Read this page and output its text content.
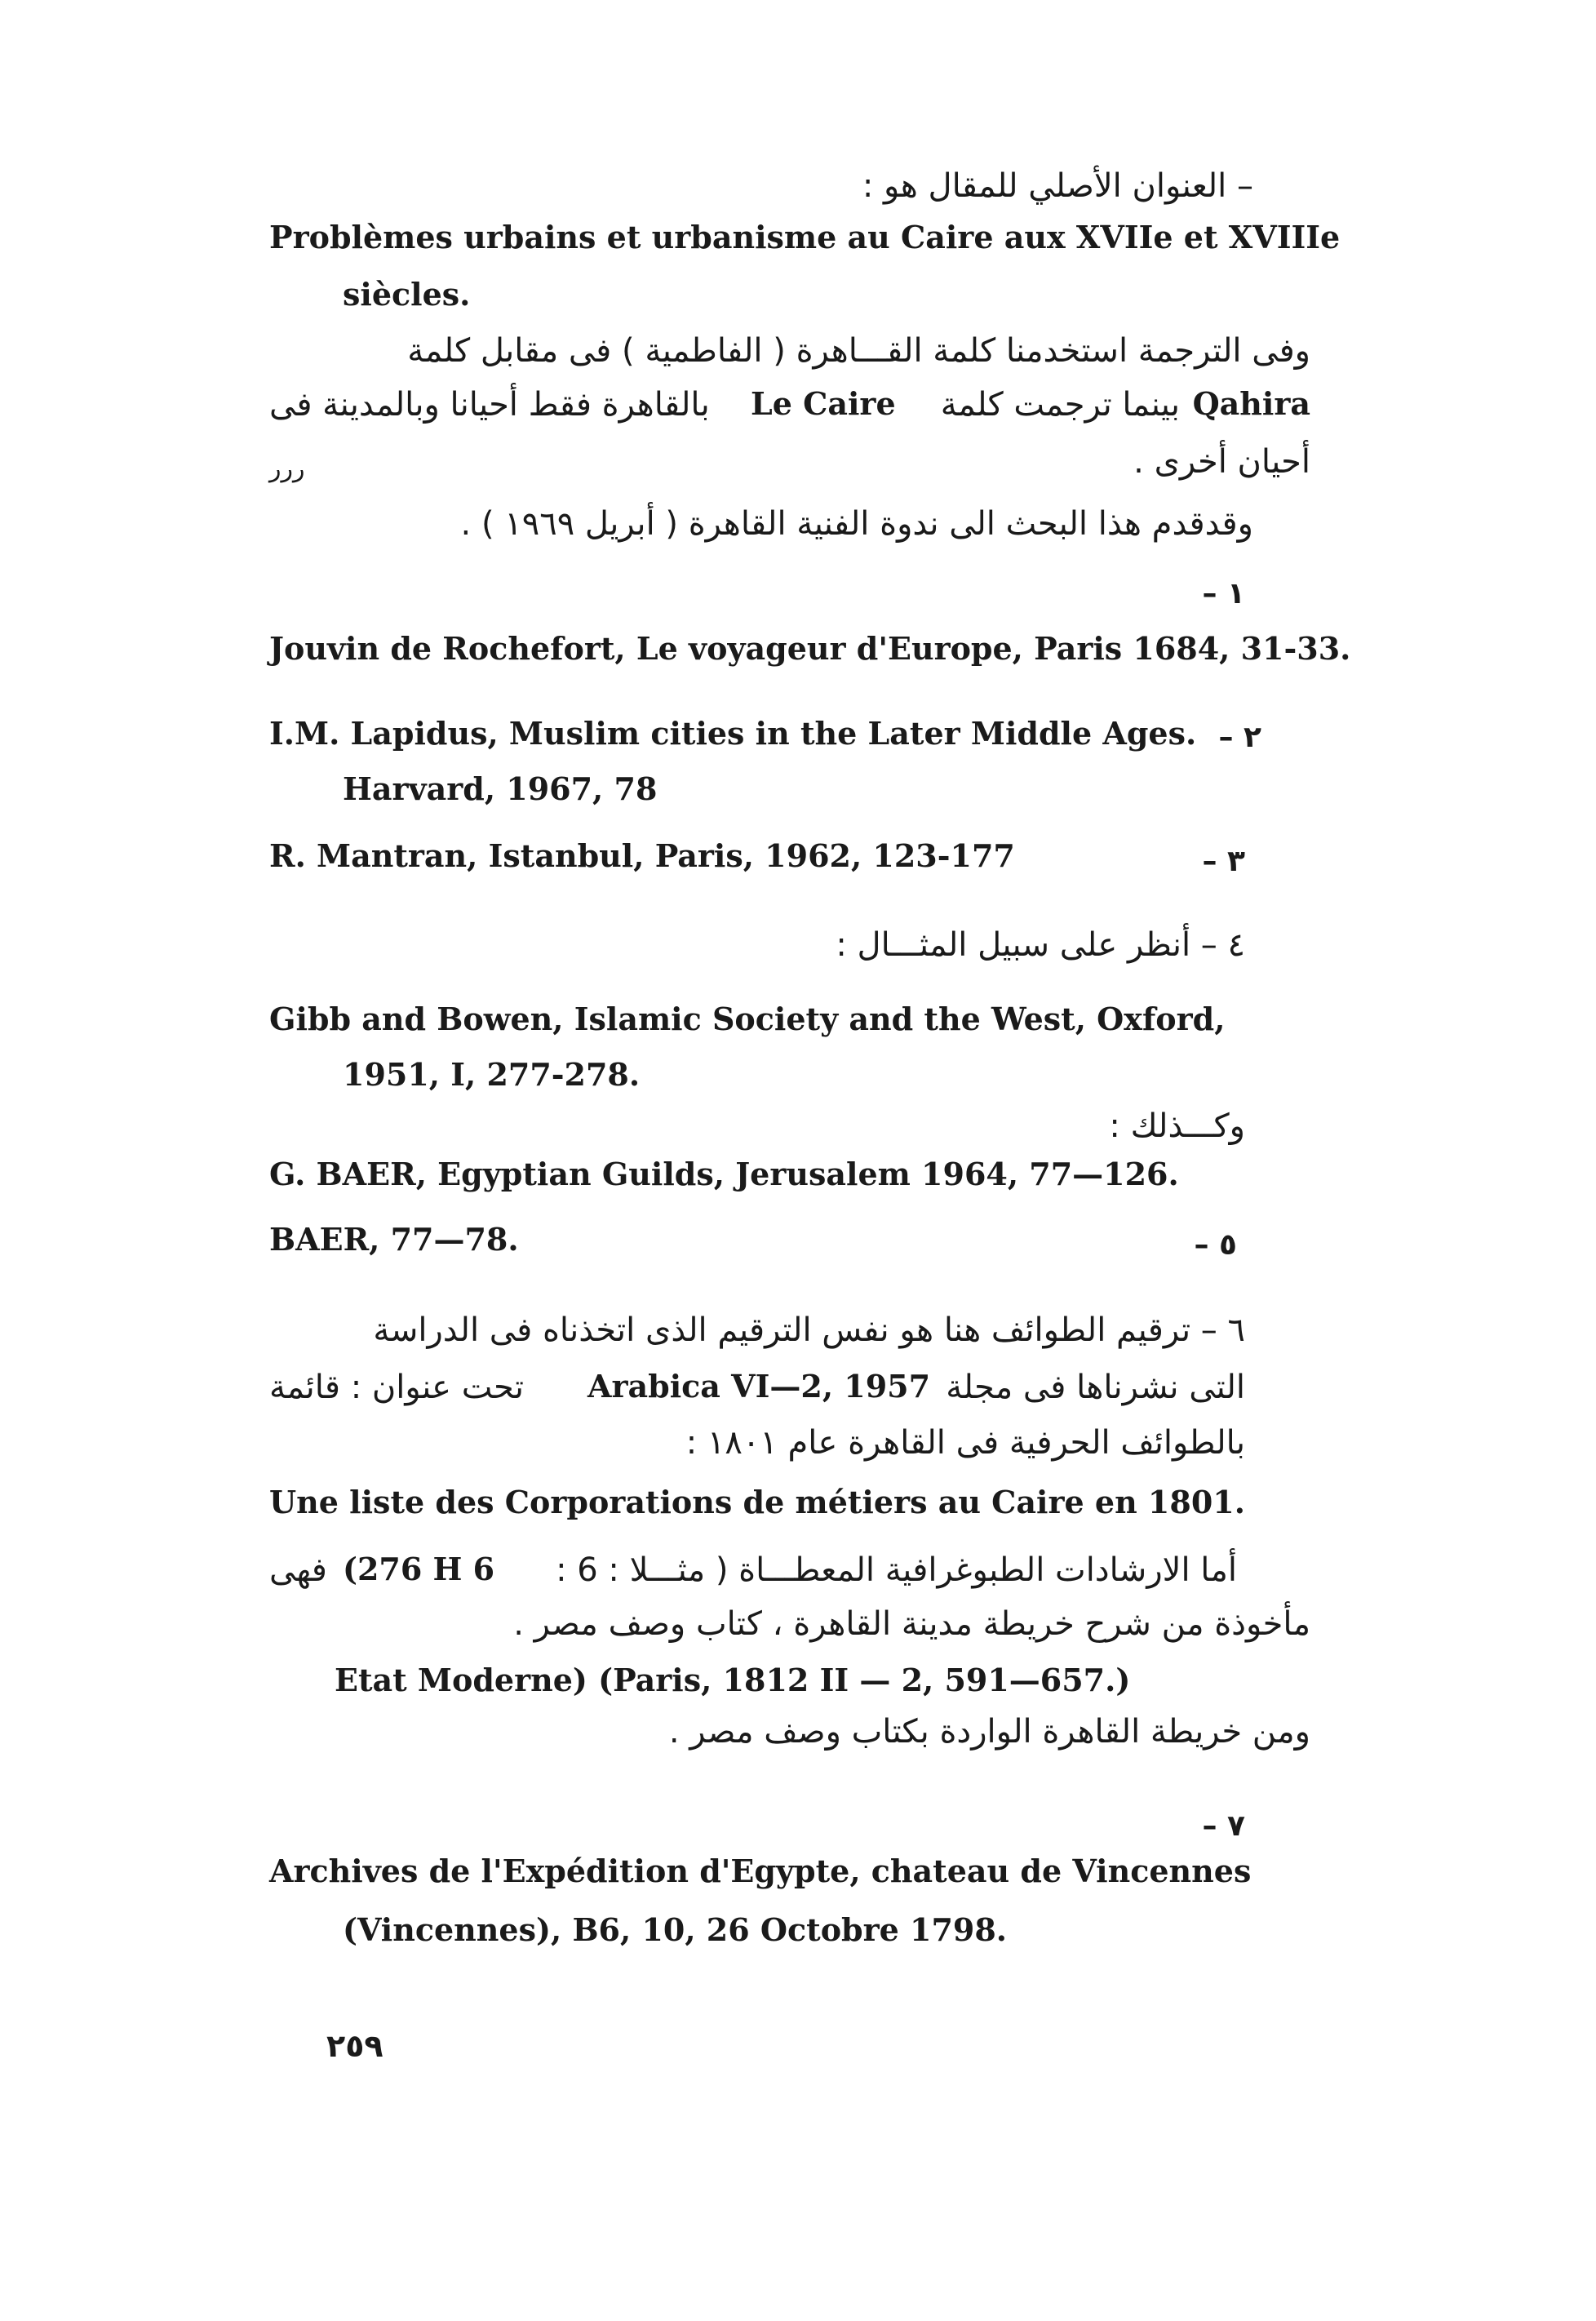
– العنوان الأصلي للمقال هو :
Problèmes urbains et urbanisme au Caire aux XVIIe et XVIIIe
siècles.
وفى الترجمة استخدمنا كلمة القـــاهرة ( الفاطمية ) فى مقابل كلمة
Qahira
بينما ترجمت كلمة
Le Caire
بالقاهرة فقط أحيانا وبالمدينة فى
أحيان أخرى .
ررر
وقدقدم هذا البحث الى ندوة الفنية القاهرة ( أبريل ١٩٦٩ ) .
١ –
Jouvin de Rochefort, Le voyageur d'Europe, Paris 1684, 31-33.
I.M. Lapidus, Muslim cities in the Later Middle Ages. ٢ –
Harvard, 1967, 78
R. Mantran, Istanbul, Paris, 1962, 123-177	٣ –
٤ – أنظر على سبيل المثـــال :
Gibb and Bowen, Islamic Society and the West, Oxford,
1951, I, 277-278.
وكـــذلك :
G. BAER, Egyptian Guilds, Jerusalem 1964, 77—126.
BAER, 77—78.	٥ –
٦ – ترقيم الطوائف هنا هو نفس الترقيم الذى اتخذناه فى الدراسة
التى نشرناها فى مجلة
Arabica VI—2, 1957
تحت عنوان : قائمة
بالطوائف الحرفية فى القاهرة عام ١٨٠١ :
Une liste des Corporations de métiers au Caire en 1801.
أما الارشادات الطبوغرافية المعطـــاة ( مثـــلا : 6 :
(276 H 6
فهى
مأخوذة من شرح خريطة مدينة القاهرة ، كتاب وصف مصر .
Etat Moderne) (Paris, 1812 II — 2, 591—657.)
ومن خريطة القاهرة الواردة بكتاب وصف مصر .
٧ –
Archives de l'Expédition d'Egypte, chateau de Vincennes
(Vincennes), B6, 10, 26 Octobre 1798.
٢٥٩
